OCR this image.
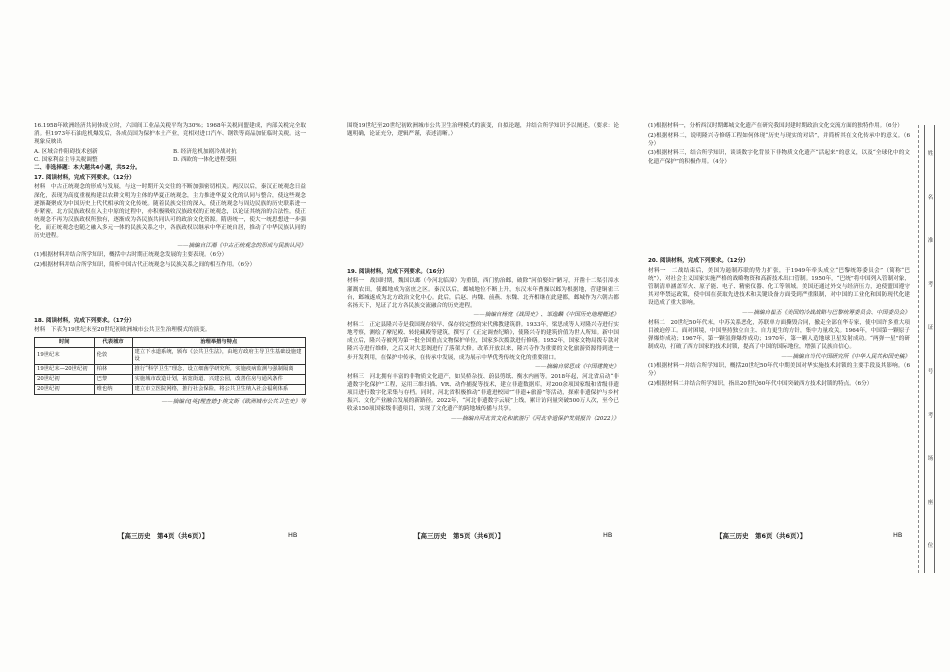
16.1958年欧洲经济共同体成立时，六国间工业品关税平均为30%；1968年关税同盟建成，内部关税完全取消。但1973年石油危机爆发后，各成员国为保护本土产业，竞相对进口汽车、钢铁等商品加征临时关税。这一现象反映出

A. 区域合作阻碍技术创新	B. 经济危机加剧冷战对抗
C. 国家利益主导关税调整	D. 西欧的一体化进程受阻

二、非选择题：本大题共4小题，共52分。

17. 阅读材料，完成下列要求。（12分）

材料　中古正统观念的形成与发展，与这一时期开关交往的不断加强密切相关。两汉以后，秦汉正统观念日益深化，表现为高度重视构建以农耕文明为主体的华夏正统观念，主力推进华夏文化的认同与整合，使这些观念逐渐凝聚成为中国历史上代代相承的文化传统。随着民族交往的深入，使正统观念与周边民族的历史联系进一步紧密，北方民族政权在入主中原的过程中，亦积极吸收汉族政权的正统观念，以论证其统治的合法性。使正统观念不再为汉族政权所独有，逐渐成为各民族共同认可的政治文化资源。隋唐统一，使大一统思想进一步强化，而正统观念也随之融入多元一体的民族关系之中，各族政权以继承中华正统自居，推动了中华民族认同的历史进程。

——摘编自江湘《中古正统观念的形成与民族认同》

(1)根据材料并结合所学知识，概括中古时期正统观念发展的主要表现。（6分）

(2)根据材料并结合所学知识，简析中国古代正统观念与民族关系之间的相互作用。（6分）

18. 阅读材料，完成下列要求。（17分）

材料　下表为19世纪末至20世纪初欧洲城市公共卫生治理模式的演变。

时间	代表城市	治理举措与特点
19世纪末	伦敦	建立下水道系统，颁布《公共卫生法》，由地方政府主导卫生基础设施建设
19世纪末—20世纪初	柏林	推行“科学卫生”理念，设立细菌学研究所，实施疫病监测与强制隔离
20世纪初	巴黎	实施城市改造计划，拓宽街道、兴建公园，改善住房与通风条件
20世纪初	维也纳	建立市立医院网络，推行社会保险，将公共卫生纳入社会福利体系

——摘编自[英]理查德·J·埃文斯《欧洲城市公共卫生史》等

围绕19世纪至20世纪初欧洲城市公共卫生治理模式的演变，自拟论题，并结合所学知识予以阐述。（要求：论题明确，论证充分，逻辑严谨，表述清晰。）

19. 阅读材料，完成下列要求。（16分）

材料一　战国时期，魏国以邺（今河北临漳）为重镇，西门豹治邺，破除“河伯娶妇”陋习，开凿十二渠引漳水灌溉农田，使邺地成为富庶之区。秦汉以后，邺城地位不断上升，东汉末年曹操以邺为根据地，营建铜雀三台，邺城遂成为北方政治文化中心。此后，后赵、冉魏、前燕、东魏、北齐相继在此建都，邺城作为六朝古都名扬天下，见证了北方各民族交流融合的历史进程。

——摘编自杨宽《战国史》、邹逸麟《中国历史地理概述》

材料二　正定县隆兴寺是我国现存较早、保存较完整的宋代佛教建筑群。1933年，梁思成等人对隆兴寺进行实地考察，测绘了摩尼殿、转轮藏殿等建筑，撰写了《正定调查纪略》，使隆兴寺的建筑价值为世人所知。新中国成立后，隆兴寺被列为第一批全国重点文物保护单位，国家多次拨款进行修缮。1952年，国家文物局拨专款对隆兴寺进行维修，之后又对大悲阁进行了落架大修。改革开放以来，隆兴寺作为重要的文化旅游资源得到进一步开发利用，在保护中传承，在传承中发展，成为展示中华优秀传统文化的重要窗口。

——摘编自梁思成《中国建筑史》

材料三　河北拥有丰富的非物质文化遗产，如吴桥杂技、蔚县剪纸、衡水内画等。2018年起，河北省启动“非遗数字化保护”工程，运用三维扫描、VR、动作捕捉等技术，建立非遗数据库，对200余项国家级和省级非遗项目进行数字化采集与存档。同时，河北省积极推动“非遗进校园”“非遗+旅游”等活动，探索非遗保护与乡村振兴、文化产业融合发展的新路径。2022年，“河北非遗数字云展”上线，累计访问量突破500万人次，至今已收录150项国家级非遗项目，实现了文化遗产的跨地域传播与共享。

——摘编自河北省文化和旅游厅《河北非遗保护发展报告（2022）》

(1)根据材料一，分析西汉时期邺城文化遗产在研究我国封建时期政治文化交流方面的独特作用。（6分）

(2)根据材料二，说明隆兴寺修缮工程如何体现“历史与现实的对话”，并简析其在文化传承中的意义。（6分）

(3)根据材料三，结合所学知识，谈谈数字化背景下非物质文化遗产“活起来”的意义，以及“全球化中的文化遗产保护”的积极作用。（4分）

20. 阅读材料，完成下列要求。（12分）

材料一　二战结束后，美国为遏制苏联的势力扩张，于1949年牵头成立“巴黎统筹委员会”（简称“巴统”），对社会主义国家实施严格的战略物资和高新技术出口管制。1950年，“巴统”将中国列入管制对象，管制清单涵盖军火、原子能、电子、精密仪器、化工等领域。美国还通过外交与经济压力，迫使盟国遵守其对华禁运政策，使中国在获取先进技术和关键设备方面受到严重限制，对中国的工业化和国防现代化建设造成了重大影响。

——摘编自崔丕《美国的冷战战略与巴黎统筹委员会、中国委员会》

材料二　20世纪50年代末，中苏关系恶化，苏联单方面撕毁合同，撤走全部在华专家，使中国许多重大项目被迫停工。面对困境，中国坚持独立自主、自力更生的方针，集中力量攻关。1964年，中国第一颗原子弹爆炸成功；1967年，第一颗氢弹爆炸成功；1970年，第一颗人造地球卫星发射成功。“两弹一星”的研制成功，打破了西方国家的技术封锁，提高了中国的国际地位，增强了民族自信心。

——摘编自当代中国研究所《中华人民共和国史稿》

(1)根据材料一并结合所学知识，概括20世纪50年代中期美国对华实施技术封锁的主要手段及其影响。（6分）

(2)根据材料二并结合所学知识，指出20世纪60年代中国突破西方技术封锁的特点。（6分）

【高三历史　第4页（共6页）】	HB	【高三历史　第5页（共6页）】	HB	【高三历史　第6页（共6页）】	HB
姓
名
准
考
证
号
考
场
座
位
